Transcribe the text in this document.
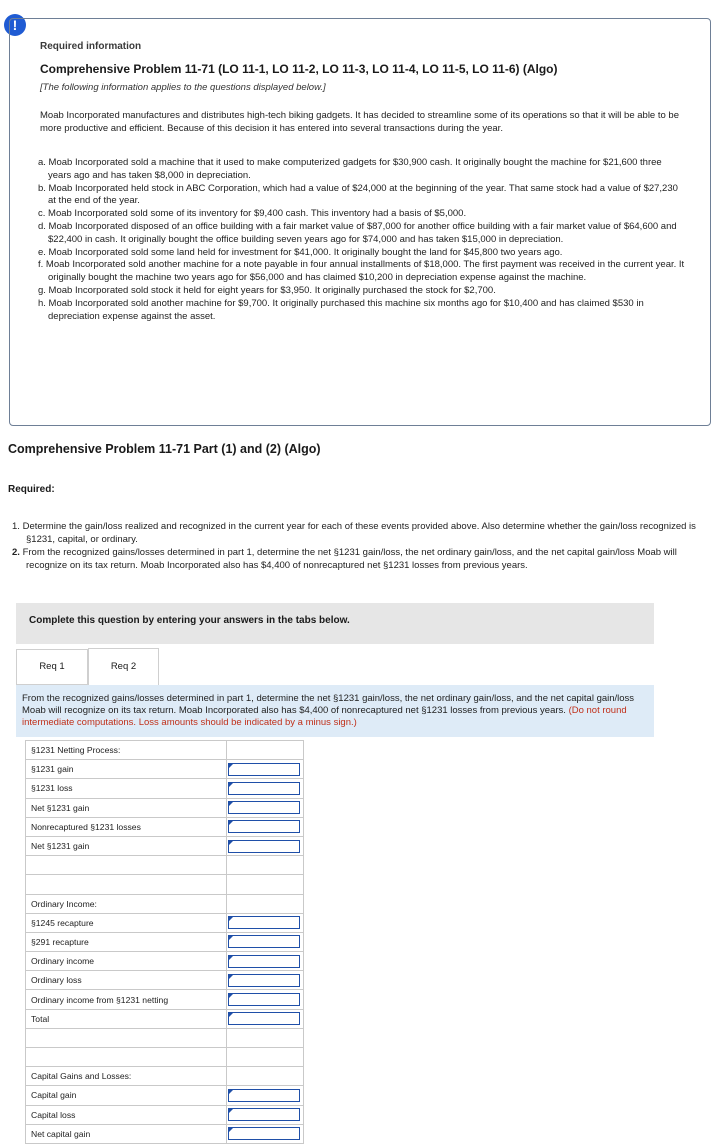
!
Required information
Comprehensive Problem 11-71 (LO 11-1, LO 11-2, LO 11-3, LO 11-4, LO 11-5, LO 11-6) (Algo)
[The following information applies to the questions displayed below.]

Moab Incorporated manufactures and distributes high-tech biking gadgets. It has decided to streamline some of its operations so that it will be able to be more productive and efficient. Because of this decision it has entered into several transactions during the year.

a. Moab Incorporated sold a machine that it used to make computerized gadgets for $30,900 cash. It originally bought the machine for $21,600 three years ago and has taken $8,000 in depreciation.
b. Moab Incorporated held stock in ABC Corporation, which had a value of $24,000 at the beginning of the year. That same stock had a value of $27,230 at the end of the year.
c. Moab Incorporated sold some of its inventory for $9,400 cash. This inventory had a basis of $5,000.
d. Moab Incorporated disposed of an office building with a fair market value of $87,000 for another office building with a fair market value of $64,600 and $22,400 in cash. It originally bought the office building seven years ago for $74,000 and has taken $15,000 in depreciation.
e. Moab Incorporated sold some land held for investment for $41,000. It originally bought the land for $45,800 two years ago.
f. Moab Incorporated sold another machine for a note payable in four annual installments of $18,000. The first payment was received in the current year. It originally bought the machine two years ago for $56,000 and has claimed $10,200 in depreciation expense against the machine.
g. Moab Incorporated sold stock it held for eight years for $3,950. It originally purchased the stock for $2,700.
h. Moab Incorporated sold another machine for $9,700. It originally purchased this machine six months ago for $10,400 and has claimed $530 in depreciation expense against the asset.
Comprehensive Problem 11-71 Part (1) and (2) (Algo)
Required:
1. Determine the gain/loss realized and recognized in the current year for each of these events provided above. Also determine whether the gain/loss recognized is §1231, capital, or ordinary.
2. From the recognized gains/losses determined in part 1, determine the net §1231 gain/loss, the net ordinary gain/loss, and the net capital gain/loss Moab will recognize on its tax return. Moab Incorporated also has $4,400 of nonrecaptured net §1231 losses from previous years.
Complete this question by entering your answers in the tabs below.
Req 1	Req 2
From the recognized gains/losses determined in part 1, determine the net §1231 gain/loss, the net ordinary gain/loss, and the net capital gain/loss Moab will recognize on its tax return. Moab Incorporated also has $4,400 of nonrecaptured net §1231 losses from previous years. (Do not round intermediate computations. Loss amounts should be indicated by a minus sign.)
§1231 Netting Process:	
§1231 gain	

§1231 loss	

Net §1231 gain	

Nonrecaptured §1231 losses	

Net §1231 gain	

Ordinary Income:	
§1245 recapture	

§291 recapture	

Ordinary income	

Ordinary loss	

Ordinary income from §1231 netting	

Total	

Capital Gains and Losses:	
Capital gain	

Capital loss	

Net capital gain	
